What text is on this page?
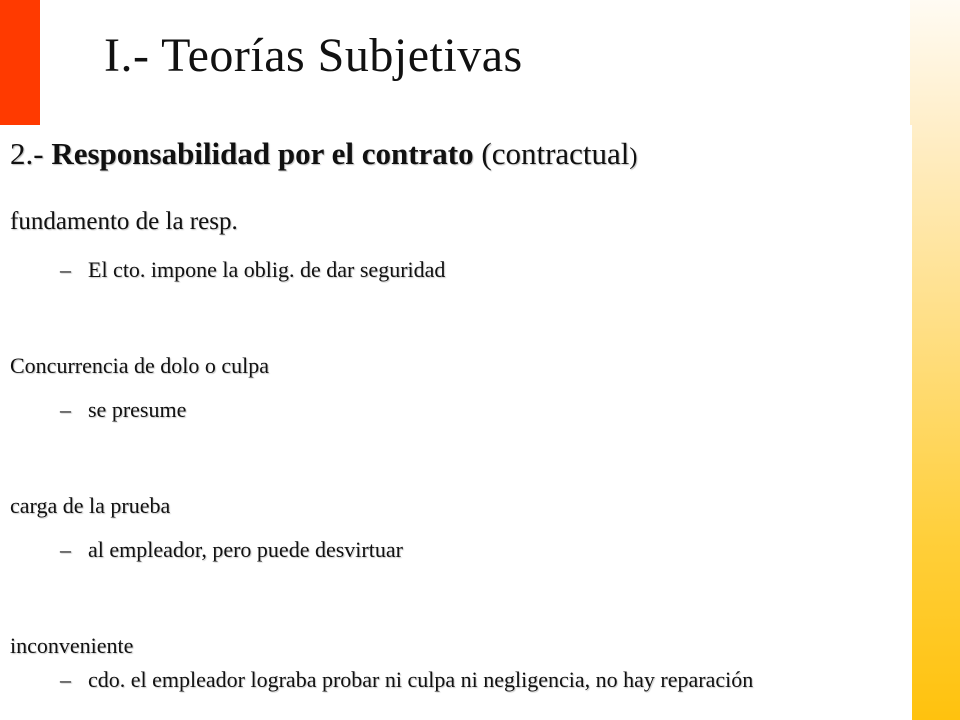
I.- Teorías Subjetivas

2.- Responsabilidad por el contrato (contractual)

fundamento de la resp.

– El cto. impone la oblig. de dar seguridad

Concurrencia de dolo o culpa

– se presume

carga de la prueba

– al empleador, pero puede desvirtuar

inconveniente

– cdo. el empleador lograba probar ni culpa ni negligencia, no hay reparación
